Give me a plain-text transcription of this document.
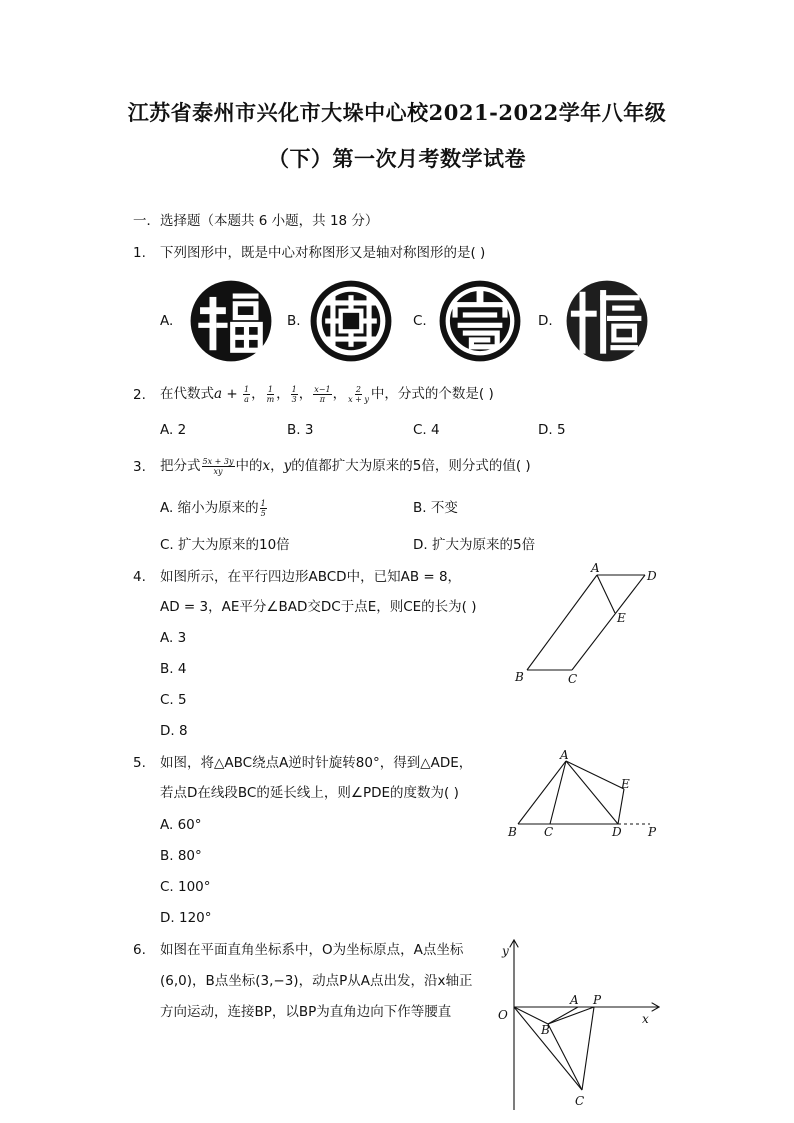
江苏省泰州市兴化市大垛中心校2021-2022学年八年级
（下）第一次月考数学试卷
一．选择题（本题共 6 小题，共 18 分）
1. 下列图形中，既是中心对称图形又是轴对称图形的是( )
A.	B.	C.	D.
2. 在代数式$a + \frac{1}{a}$ ， $\frac{1}{m}$ ， $\frac{1}{3}$ ， $\frac{x-1}{\pi}$ ， $\frac{2}{x + y}$ 中，分式的个数是( )
A. 2	B. 3	C. 4	D. 5
3. 把分式 $\frac{5x + 3y}{xy}$ 中的x，y的值都扩大为原来的5倍，则分式的值( )
A. 缩小为原来的 $\frac{1}{5}$	B. 不变
C. 扩大为原来的10倍	D. 扩大为原来的5倍
4. 如图所示，在平行四边形ABCD中，已知AB = 8，
AD = 3，AE平分∠BAD交DC于点E，则CE的长为( )
A. 3
B. 4
C. 5
D. 8
A
D
E
B	C
5. 如图，将△ABC绕点A逆时针旋转80°，得到△ADE，
若点D在线段BC的延长线上，则∠PDE的度数为( )
A. 60°
B. 80°
C. 100°
D. 120°
A
E
B C	D P
6. 如图在平面直角坐标系中，O为坐标原点，A点坐标
(6,0)，B点坐标(3,−3)，动点P从A点出发，沿x轴正
方向运动，连接BP，以BP为直角边向下作等腰直
y
x
O
A P
B
C
